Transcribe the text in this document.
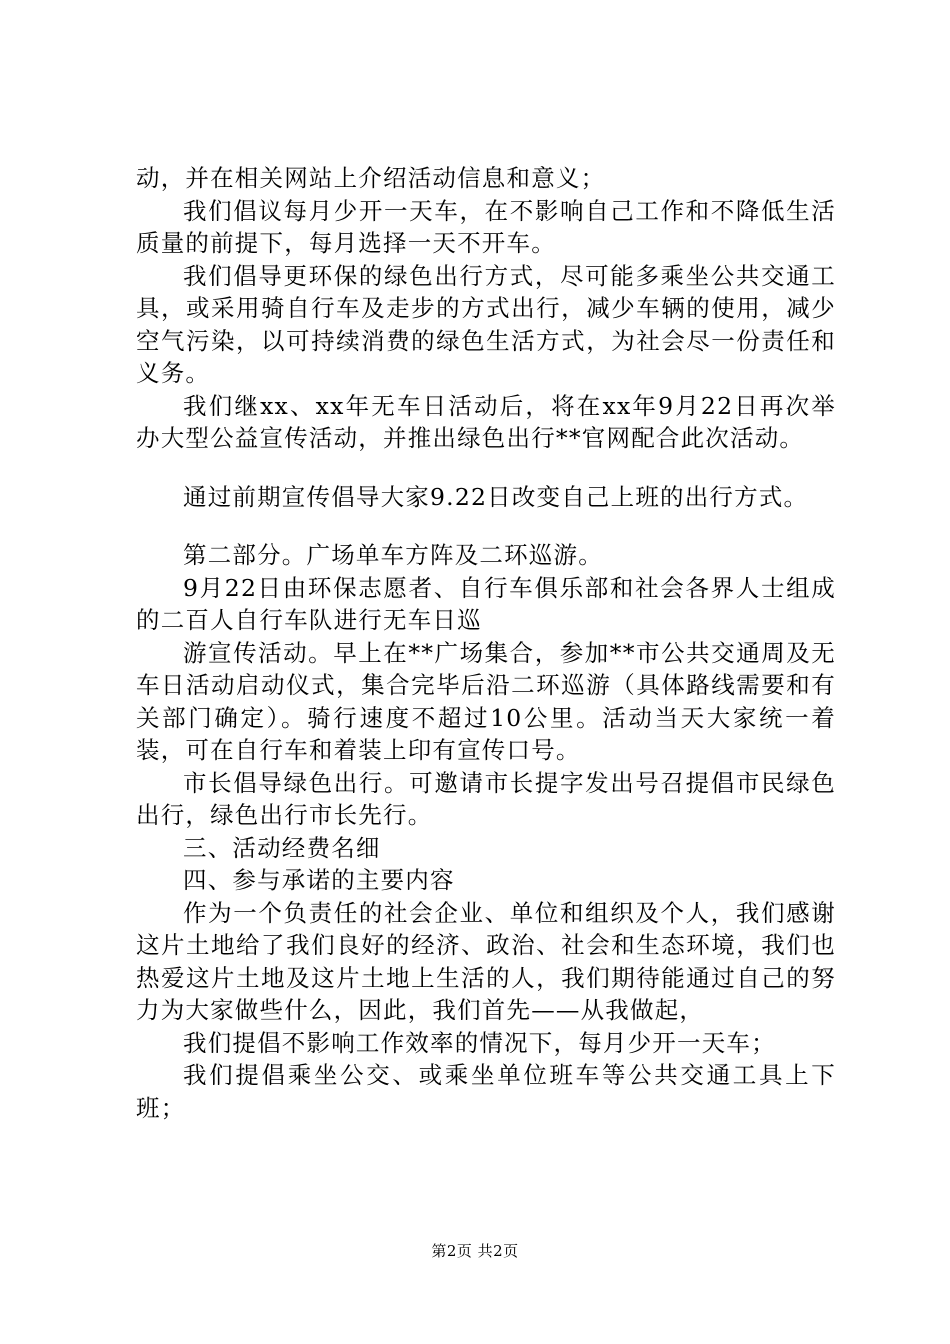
动，并在相关网站上介绍活动信息和意义；

我们倡议每月少开一天车，在不影响自己工作和不降低生活质量的前提下，每月选择一天不开车。

我们倡导更环保的绿色出行方式，尽可能多乘坐公共交通工具，或采用骑自行车及走步的方式出行，减少车辆的使用，减少空气污染，以可持续消费的绿色生活方式，为社会尽一份责任和义务。

我们继xx、xx年无车日活动后，将在xx年9月22日再次举办大型公益宣传活动，并推出绿色出行**官网配合此次活动。

通过前期宣传倡导大家9.22日改变自己上班的出行方式。

第二部分。广场单车方阵及二环巡游。

9月22日由环保志愿者、自行车俱乐部和社会各界人士组成的二百人自行车队进行无车日巡

游宣传活动。早上在**广场集合，参加**市公共交通周及无车日活动启动仪式，集合完毕后沿二环巡游（具体路线需要和有关部门确定）。骑行速度不超过10公里。活动当天大家统一着装，可在自行车和着装上印有宣传口号。

市长倡导绿色出行。可邀请市长提字发出号召提倡市民绿色出行，绿色出行市长先行。

三、活动经费名细

四、参与承诺的主要内容

作为一个负责任的社会企业、单位和组织及个人，我们感谢这片土地给了我们良好的经济、政治、社会和生态环境，我们也热爱这片土地及这片土地上生活的人，我们期待能通过自己的努力为大家做些什么，因此，我们首先——从我做起，

我们提倡不影响工作效率的情况下，每月少开一天车；

我们提倡乘坐公交、或乘坐单位班车等公共交通工具上下班；

第2页 共2页
